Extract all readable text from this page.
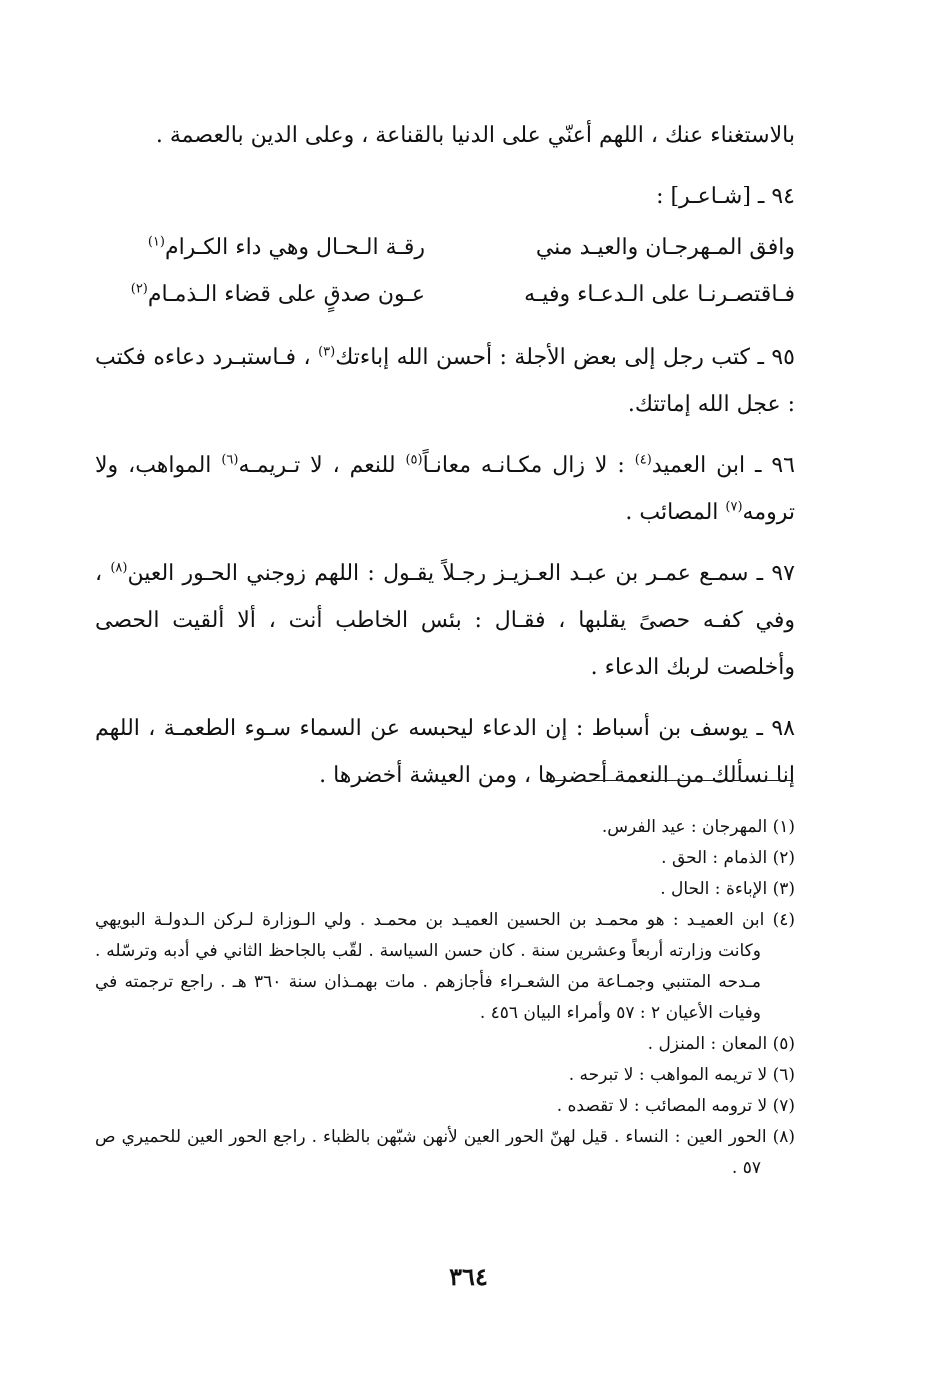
بالاستغناء عنك ، اللهم أعنّي على الدنيا بالقناعة ، وعلى الدين بالعصمة .

٩٤ ـ [شـاعـر] :

وافق المـهرجـان والعيـد مني
رقـة الـحـال وهي داء الكـرام$^{(١)}$
فـاقتصـرنـا على الـدعـاء وفيـه
عـون صدقٍ على قضاء الـذمـام$^{(٢)}$

٩٥ ـ كتب رجل إلى بعض الأجلة : أحسن الله إباءتك$^{(٣)}$ ، فـاستبـرد دعاءه فكتب : عجل الله إماتتك.

٩٦ ـ ابن العميد$^{(٤)}$ : لا زال مكـانـه معانـاً$^{(٥)}$ للنعم ، لا تـريمـه$^{(٦)}$ المواهب، ولا ترومه$^{(٧)}$ المصائب .

٩٧ ـ سمـع عمـر بن عبـد العـزيـز رجـلاً يقـول : اللهم زوجني الحـور العين$^{(٨)}$ ، وفي كفـه حصىً يقلبها ، فقـال : بئس الخاطب أنت ، ألا ألقيت الحصى وأخلصت لربك الدعاء .

٩٨ ـ يوسف بن أسباط : إن الدعاء ليحبسه عن السماء سـوء الطعمـة ، اللهم إنا نسألك من النعمة أحضرها ، ومن العيشة أخضرها .

(١) المهرجان : عيد الفرس.

(٢) الذمام : الحق .

(٣) الإباءة : الحال .

(٤) ابن العميـد : هو محمـد بن الحسين العميـد بن محمـد . ولي الـوزارة لـركن الـدولـة البويهي وكانت وزارته أربعاً وعشرين سنة . كان حسن السياسة . لقّب بالجاحظ الثاني في أدبه وترسّله . مـدحه المتنبي وجمـاعة من الشعـراء فأجازهم . مات بهمـذان سنة ٣٦٠ هـ . راجع ترجمته في وفيات الأعيان ٢ : ٥٧ وأمراء البيان ٤٥٦ .

(٥) المعان : المنزل .

(٦) لا تريمه المواهب : لا تبرحه .

(٧) لا ترومه المصائب : لا تقصده .

(٨) الحور العين : النساء . قيل لهنّ الحور العين لأنهن شبّهن بالظباء . راجع الحور العين للحميري ص ٥٧ .

٣٦٤
